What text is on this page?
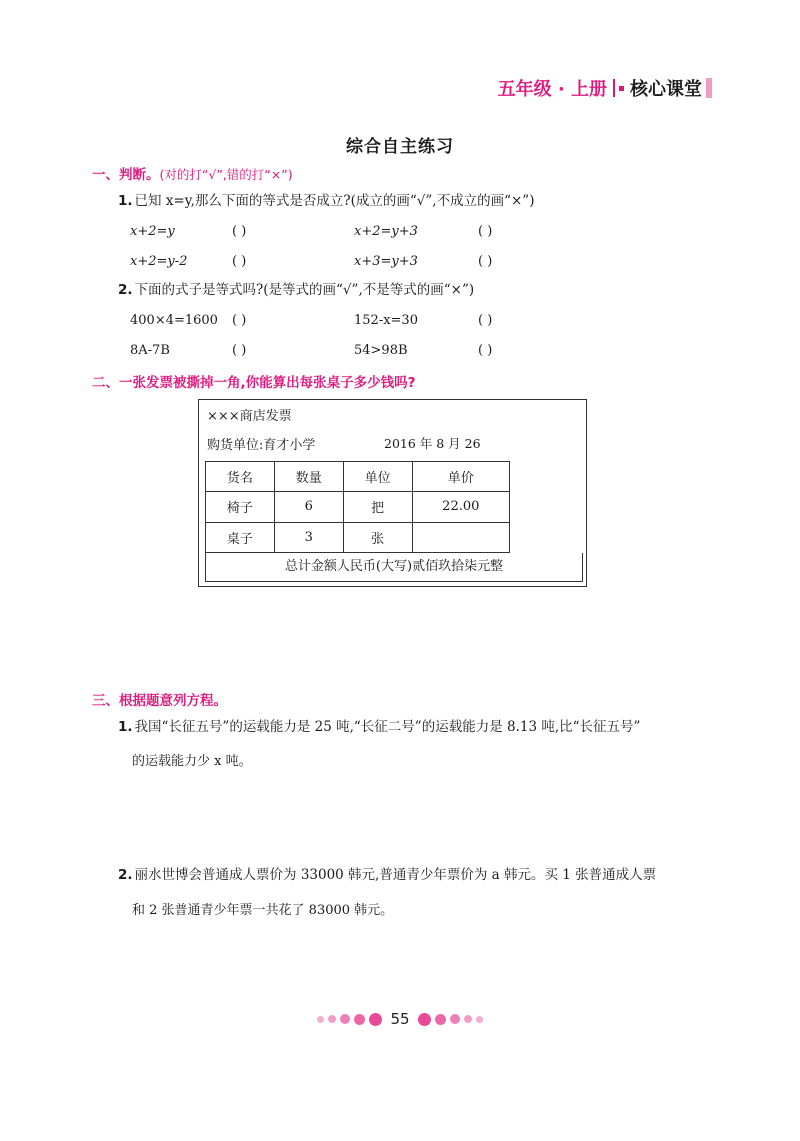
五年级 · 上册 核心课堂
综合自主练习
一、判断。(对的打“√”,错的打“×”)
1. 已知 x=y,那么下面的等式是否成立?(成立的画“√”,不成立的画“×”)
x+2=y	( )	x+2=y+3	( )
x+2=y-2	( )	x+3=y+3	( )
2. 下面的式子是等式吗?(是等式的画“√”,不是等式的画“×”)
400×4=1600 ( )	152-x=30	( )
8A-7B	( )	54>98B	( )
二、一张发票被撕掉一角,你能算出每张桌子多少钱吗?
×××商店发票
购货单位:育才小学	2016 年 8 月 26
货名	数量	单位	单价
椅子	6	把	22.00
桌子	3	张	
总计金额人民币(大写)贰佰玖拾柒元整
三、根据题意列方程。
1. 我国“长征五号”的运载能力是 25 吨,“长征二号”的运载能力是 8.13 吨,比“长征五号”
的运载能力少 x 吨。
2. 丽水世博会普通成人票价为 33000 韩元,普通青少年票价为 a 韩元。买 1 张普通成人票
和 2 张普通青少年票一共花了 83000 韩元。
55
